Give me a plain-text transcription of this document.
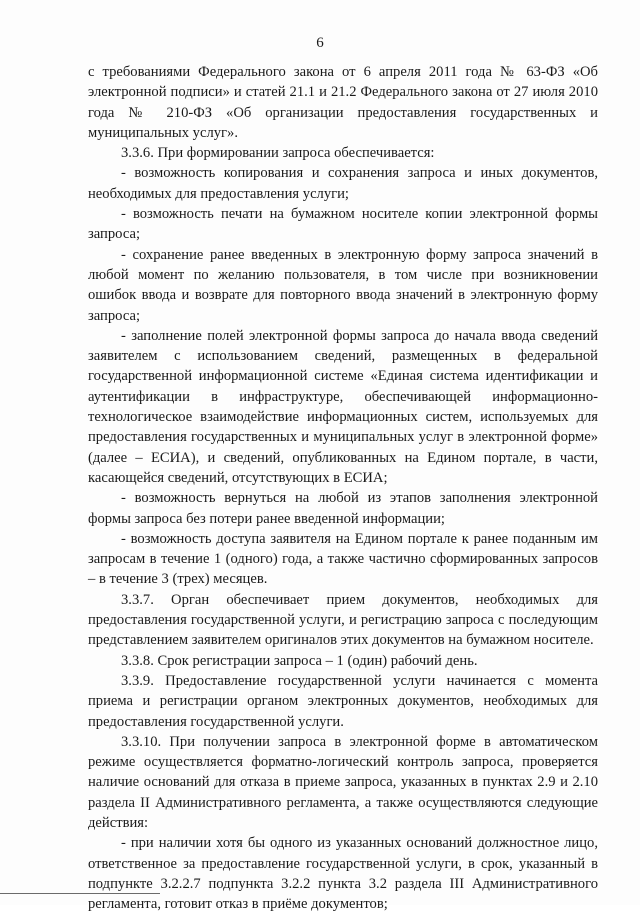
6

с требованиями Федерального закона от 6 апреля 2011 года № 63-ФЗ «Об электронной подписи» и статей 21.1 и 21.2 Федерального закона от 27 июля 2010 года № 210-ФЗ «Об организации предоставления государственных и муниципальных услуг».

3.3.6. При формировании запроса обеспечивается:

- возможность копирования и сохранения запроса и иных документов, необходимых для предоставления услуги;

- возможность печати на бумажном носителе копии электронной формы запроса;

- сохранение ранее введенных в электронную форму запроса значений в любой момент по желанию пользователя, в том числе при возникновении ошибок ввода и возврате для повторного ввода значений в электронную форму запроса;

- заполнение полей электронной формы запроса до начала ввода сведений заявителем с использованием сведений, размещенных в федеральной государственной информационной системе «Единая система идентификации и аутентификации в инфраструктуре, обеспечивающей информационно-технологическое взаимодействие информационных систем, используемых для предоставления государственных и муниципальных услуг в электронной форме» (далее – ЕСИА), и сведений, опубликованных на Едином портале, в части, касающейся сведений, отсутствующих в ЕСИА;

- возможность вернуться на любой из этапов заполнения электронной формы запроса без потери ранее введенной информации;

- возможность доступа заявителя на Едином портале к ранее поданным им запросам в течение 1 (одного) года, а также частично сформированных запросов – в течение 3 (трех) месяцев.

3.3.7. Орган обеспечивает прием документов, необходимых для предоставления государственной услуги, и регистрацию запроса с последующим представлением заявителем оригиналов этих документов на бумажном носителе.

3.3.8. Срок регистрации запроса – 1 (один) рабочий день.

3.3.9. Предоставление государственной услуги начинается с момента приема и регистрации органом электронных документов, необходимых для предоставления государственной услуги.

3.3.10. При получении запроса в электронной форме в автоматическом режиме осуществляется форматно-логический контроль запроса, проверяется наличие оснований для отказа в приеме запроса, указанных в пунктах 2.9 и 2.10 раздела II Административного регламента, а также осуществляются следующие действия:

- при наличии хотя бы одного из указанных оснований должностное лицо, ответственное за предоставление государственной услуги, в срок, указанный в подпункте 3.2.2.7 подпункта 3.2.2 пункта 3.2 раздела III Административного регламента, готовит отказ в приёме документов;
